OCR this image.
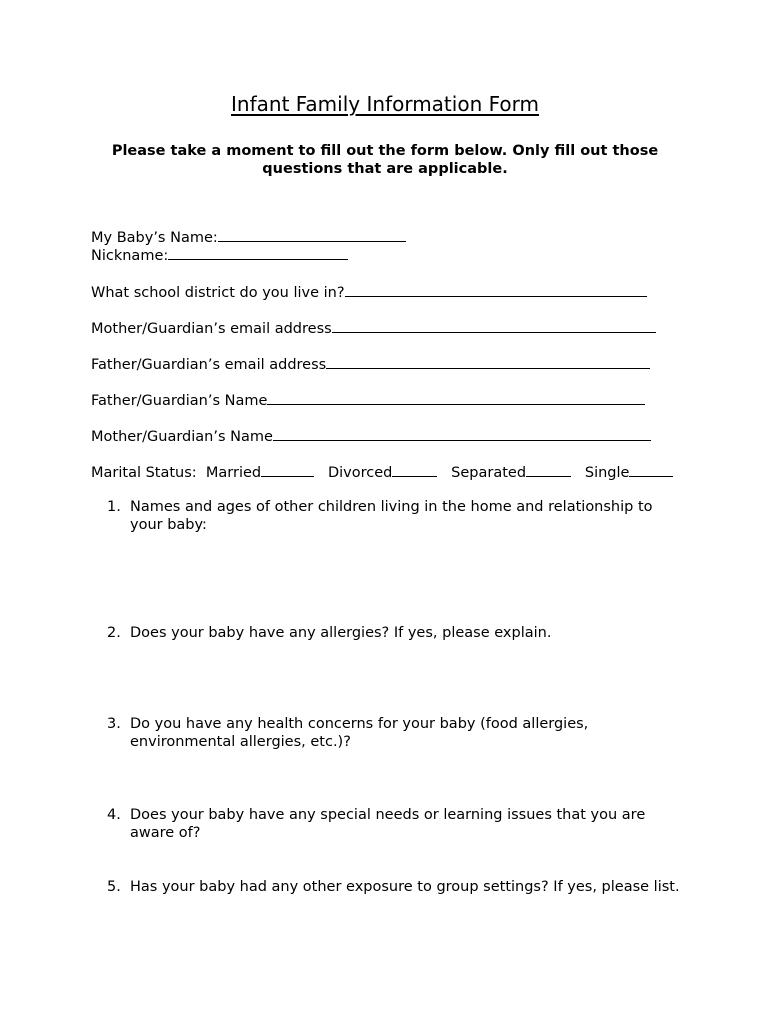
Infant Family Information Form
Please take a moment to fill out the form below. Only fill out those questions that are applicable.
My Baby’s Name:
Nickname:
What school district do you live in?
Mother/Guardian’s email address
Father/Guardian’s email address
Father/Guardian’s Name
Mother/Guardian’s Name
Marital Status: Married	Divorced	Separated	Single
1. Names and ages of other children living in the home and relationship to your baby:
2. Does your baby have any allergies? If yes, please explain.
3. Do you have any health concerns for your baby (food allergies, environmental allergies, etc.)?
4. Does your baby have any special needs or learning issues that you are aware of?
5. Has your baby had any other exposure to group settings? If yes, please list.
